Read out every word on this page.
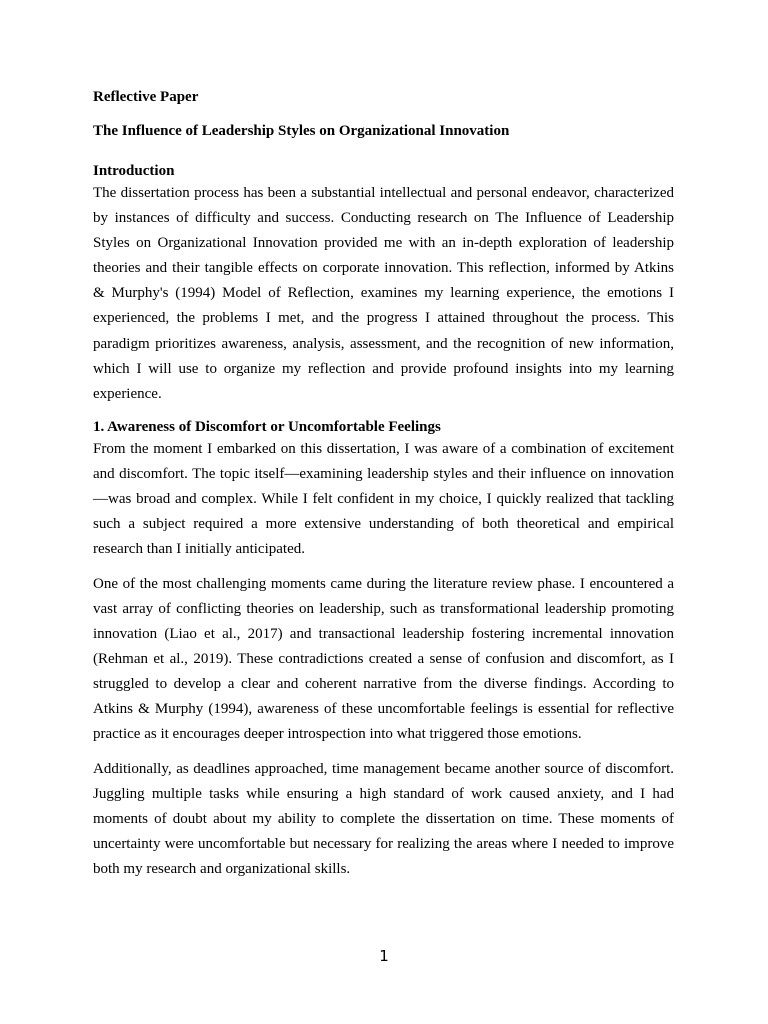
Reflective Paper

The Influence of Leadership Styles on Organizational Innovation

Introduction

The dissertation process has been a substantial intellectual and personal endeavor, characterized by instances of difficulty and success. Conducting research on The Influence of Leadership Styles on Organizational Innovation provided me with an in-depth exploration of leadership theories and their tangible effects on corporate innovation. This reflection, informed by Atkins & Murphy's (1994) Model of Reflection, examines my learning experience, the emotions I experienced, the problems I met, and the progress I attained throughout the process. This paradigm prioritizes awareness, analysis, assessment, and the recognition of new information, which I will use to organize my reflection and provide profound insights into my learning experience.

1. Awareness of Discomfort or Uncomfortable Feelings

From the moment I embarked on this dissertation, I was aware of a combination of excitement and discomfort. The topic itself—examining leadership styles and their influence on innovation—was broad and complex. While I felt confident in my choice, I quickly realized that tackling such a subject required a more extensive understanding of both theoretical and empirical research than I initially anticipated.

One of the most challenging moments came during the literature review phase. I encountered a vast array of conflicting theories on leadership, such as transformational leadership promoting innovation (Liao et al., 2017) and transactional leadership fostering incremental innovation (Rehman et al., 2019). These contradictions created a sense of confusion and discomfort, as I struggled to develop a clear and coherent narrative from the diverse findings. According to Atkins & Murphy (1994), awareness of these uncomfortable feelings is essential for reflective practice as it encourages deeper introspection into what triggered those emotions.

Additionally, as deadlines approached, time management became another source of discomfort. Juggling multiple tasks while ensuring a high standard of work caused anxiety, and I had moments of doubt about my ability to complete the dissertation on time. These moments of uncertainty were uncomfortable but necessary for realizing the areas where I needed to improve both my research and organizational skills.

1
